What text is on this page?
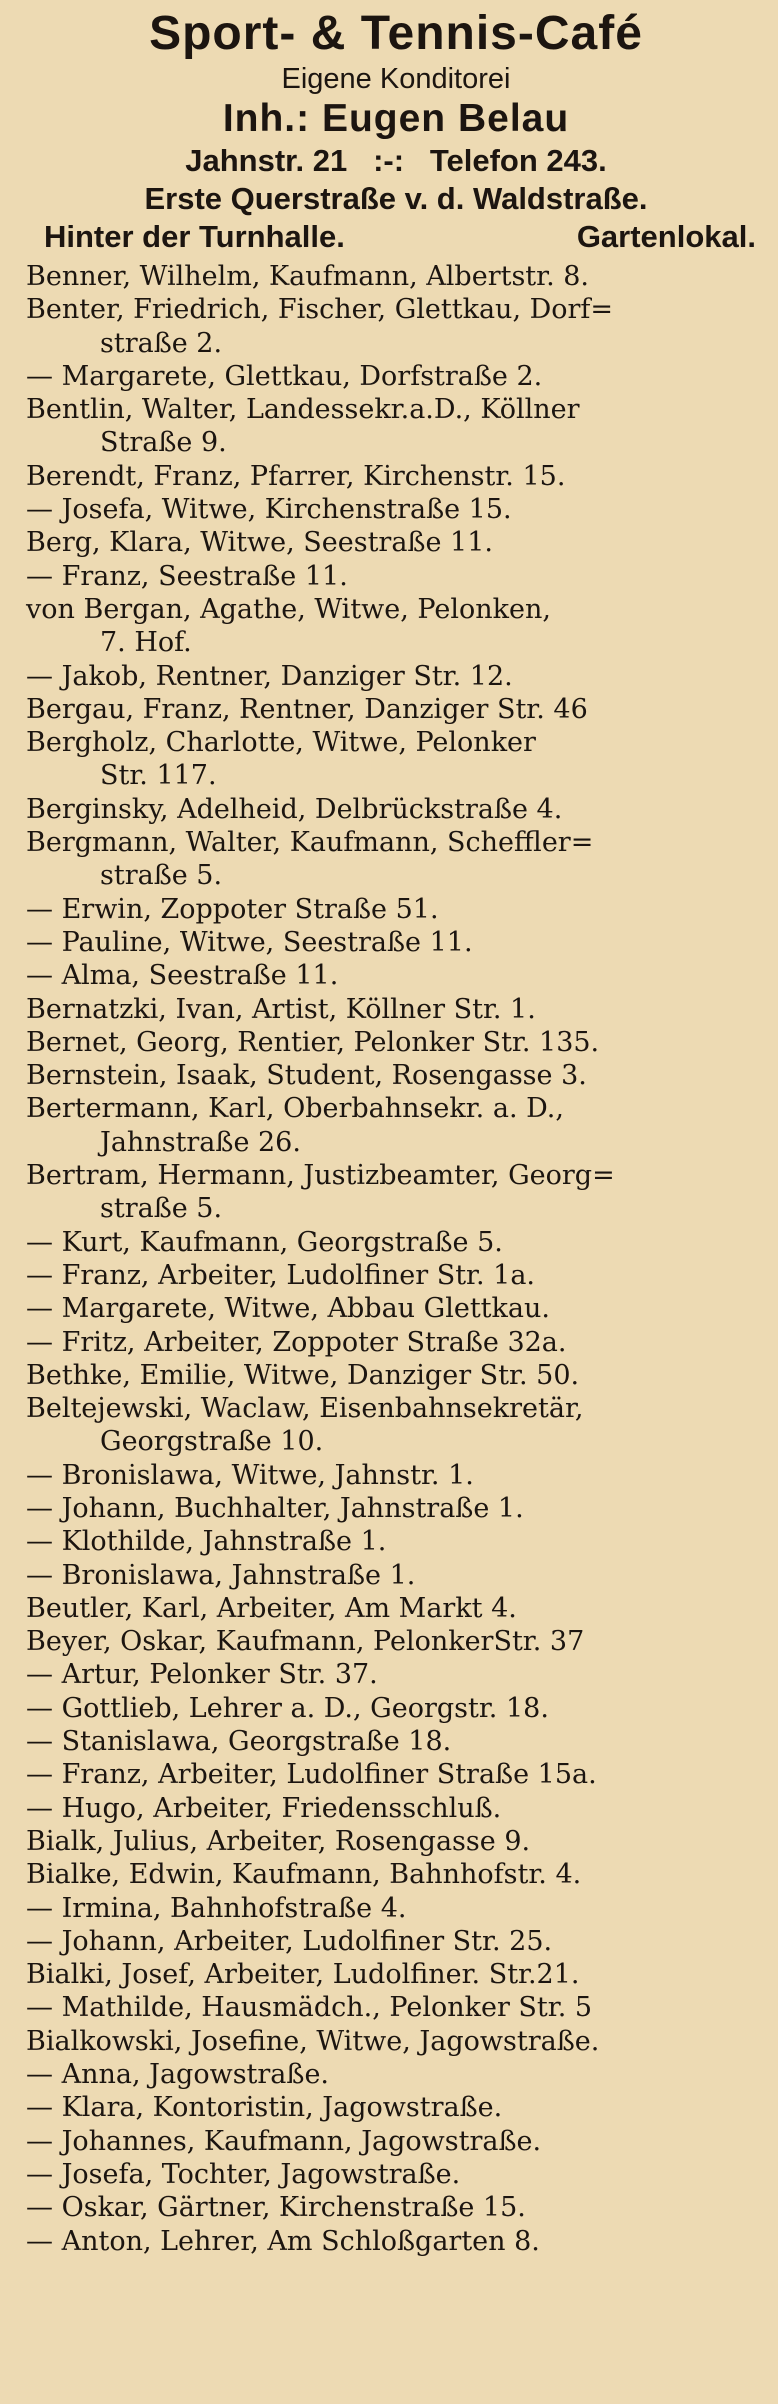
Sport- & Tennis-Café
Eigene Konditorei
Inh.: Eugen Belau
Jahnstr. 21   :-:   Telefon 243.
Erste Querstraße v. d. Waldstraße.
Hinter der Turnhalle.	Gartenlokal.
Benner, Wilhelm, Kaufmann, Albertstr. 8.
Benter, Friedrich, Fischer, Glettkau, Dorf=
straße 2.
— Margarete, Glettkau, Dorfstraße 2.
Bentlin, Walter, Landessekr.a.D., Köllner
Straße 9.
Berendt, Franz, Pfarrer, Kirchenstr. 15.
— Josefa, Witwe, Kirchenstraße 15.
Berg, Klara, Witwe, Seestraße 11.
— Franz, Seestraße 11.
von Bergan, Agathe, Witwe, Pelonken,
7. Hof.
— Jakob, Rentner, Danziger Str. 12.
Bergau, Franz, Rentner, Danziger Str. 46
Bergholz, Charlotte, Witwe, Pelonker
Str. 117.
Berginsky, Adelheid, Delbrückstraße 4.
Bergmann, Walter, Kaufmann, Scheffler=
straße 5.
— Erwin, Zoppoter Straße 51.
— Pauline, Witwe, Seestraße 11.
— Alma, Seestraße 11.
Bernatzki, Ivan, Artist, Köllner Str. 1.
Bernet, Georg, Rentier, Pelonker Str. 135.
Bernstein, Isaak, Student, Rosengasse 3.
Bertermann, Karl, Oberbahnsekr. a. D.,
Jahnstraße 26.
Bertram, Hermann, Justizbeamter, Georg=
straße 5.
— Kurt, Kaufmann, Georgstraße 5.
— Franz, Arbeiter, Ludolfiner Str. 1a.
— Margarete, Witwe, Abbau Glettkau.
— Fritz, Arbeiter, Zoppoter Straße 32a.
Bethke, Emilie, Witwe, Danziger Str. 50.
Beltejewski, Waclaw, Eisenbahnsekretär,
Georgstraße 10.
— Bronislawa, Witwe, Jahnstr. 1.
— Johann, Buchhalter, Jahnstraße 1.
— Klothilde, Jahnstraße 1.
— Bronislawa, Jahnstraße 1.
Beutler, Karl, Arbeiter, Am Markt 4.
Beyer, Oskar, Kaufmann, PelonkerStr. 37
— Artur, Pelonker Str. 37.
— Gottlieb, Lehrer a. D., Georgstr. 18.
— Stanislawa, Georgstraße 18.
— Franz, Arbeiter, Ludolfiner Straße 15a.
— Hugo, Arbeiter, Friedensschluß.
Bialk, Julius, Arbeiter, Rosengasse 9.
Bialke, Edwin, Kaufmann, Bahnhofstr. 4.
— Irmina, Bahnhofstraße 4.
— Johann, Arbeiter, Ludolfiner Str. 25.
Bialki, Josef, Arbeiter, Ludolfiner. Str.21.
— Mathilde, Hausmädch., Pelonker Str. 5
Bialkowski, Josefine, Witwe, Jagowstraße.
— Anna, Jagowstraße.
— Klara, Kontoristin, Jagowstraße.
— Johannes, Kaufmann, Jagowstraße.
— Josefa, Tochter, Jagowstraße.
— Oskar, Gärtner, Kirchenstraße 15.
— Anton, Lehrer, Am Schloßgarten 8.
